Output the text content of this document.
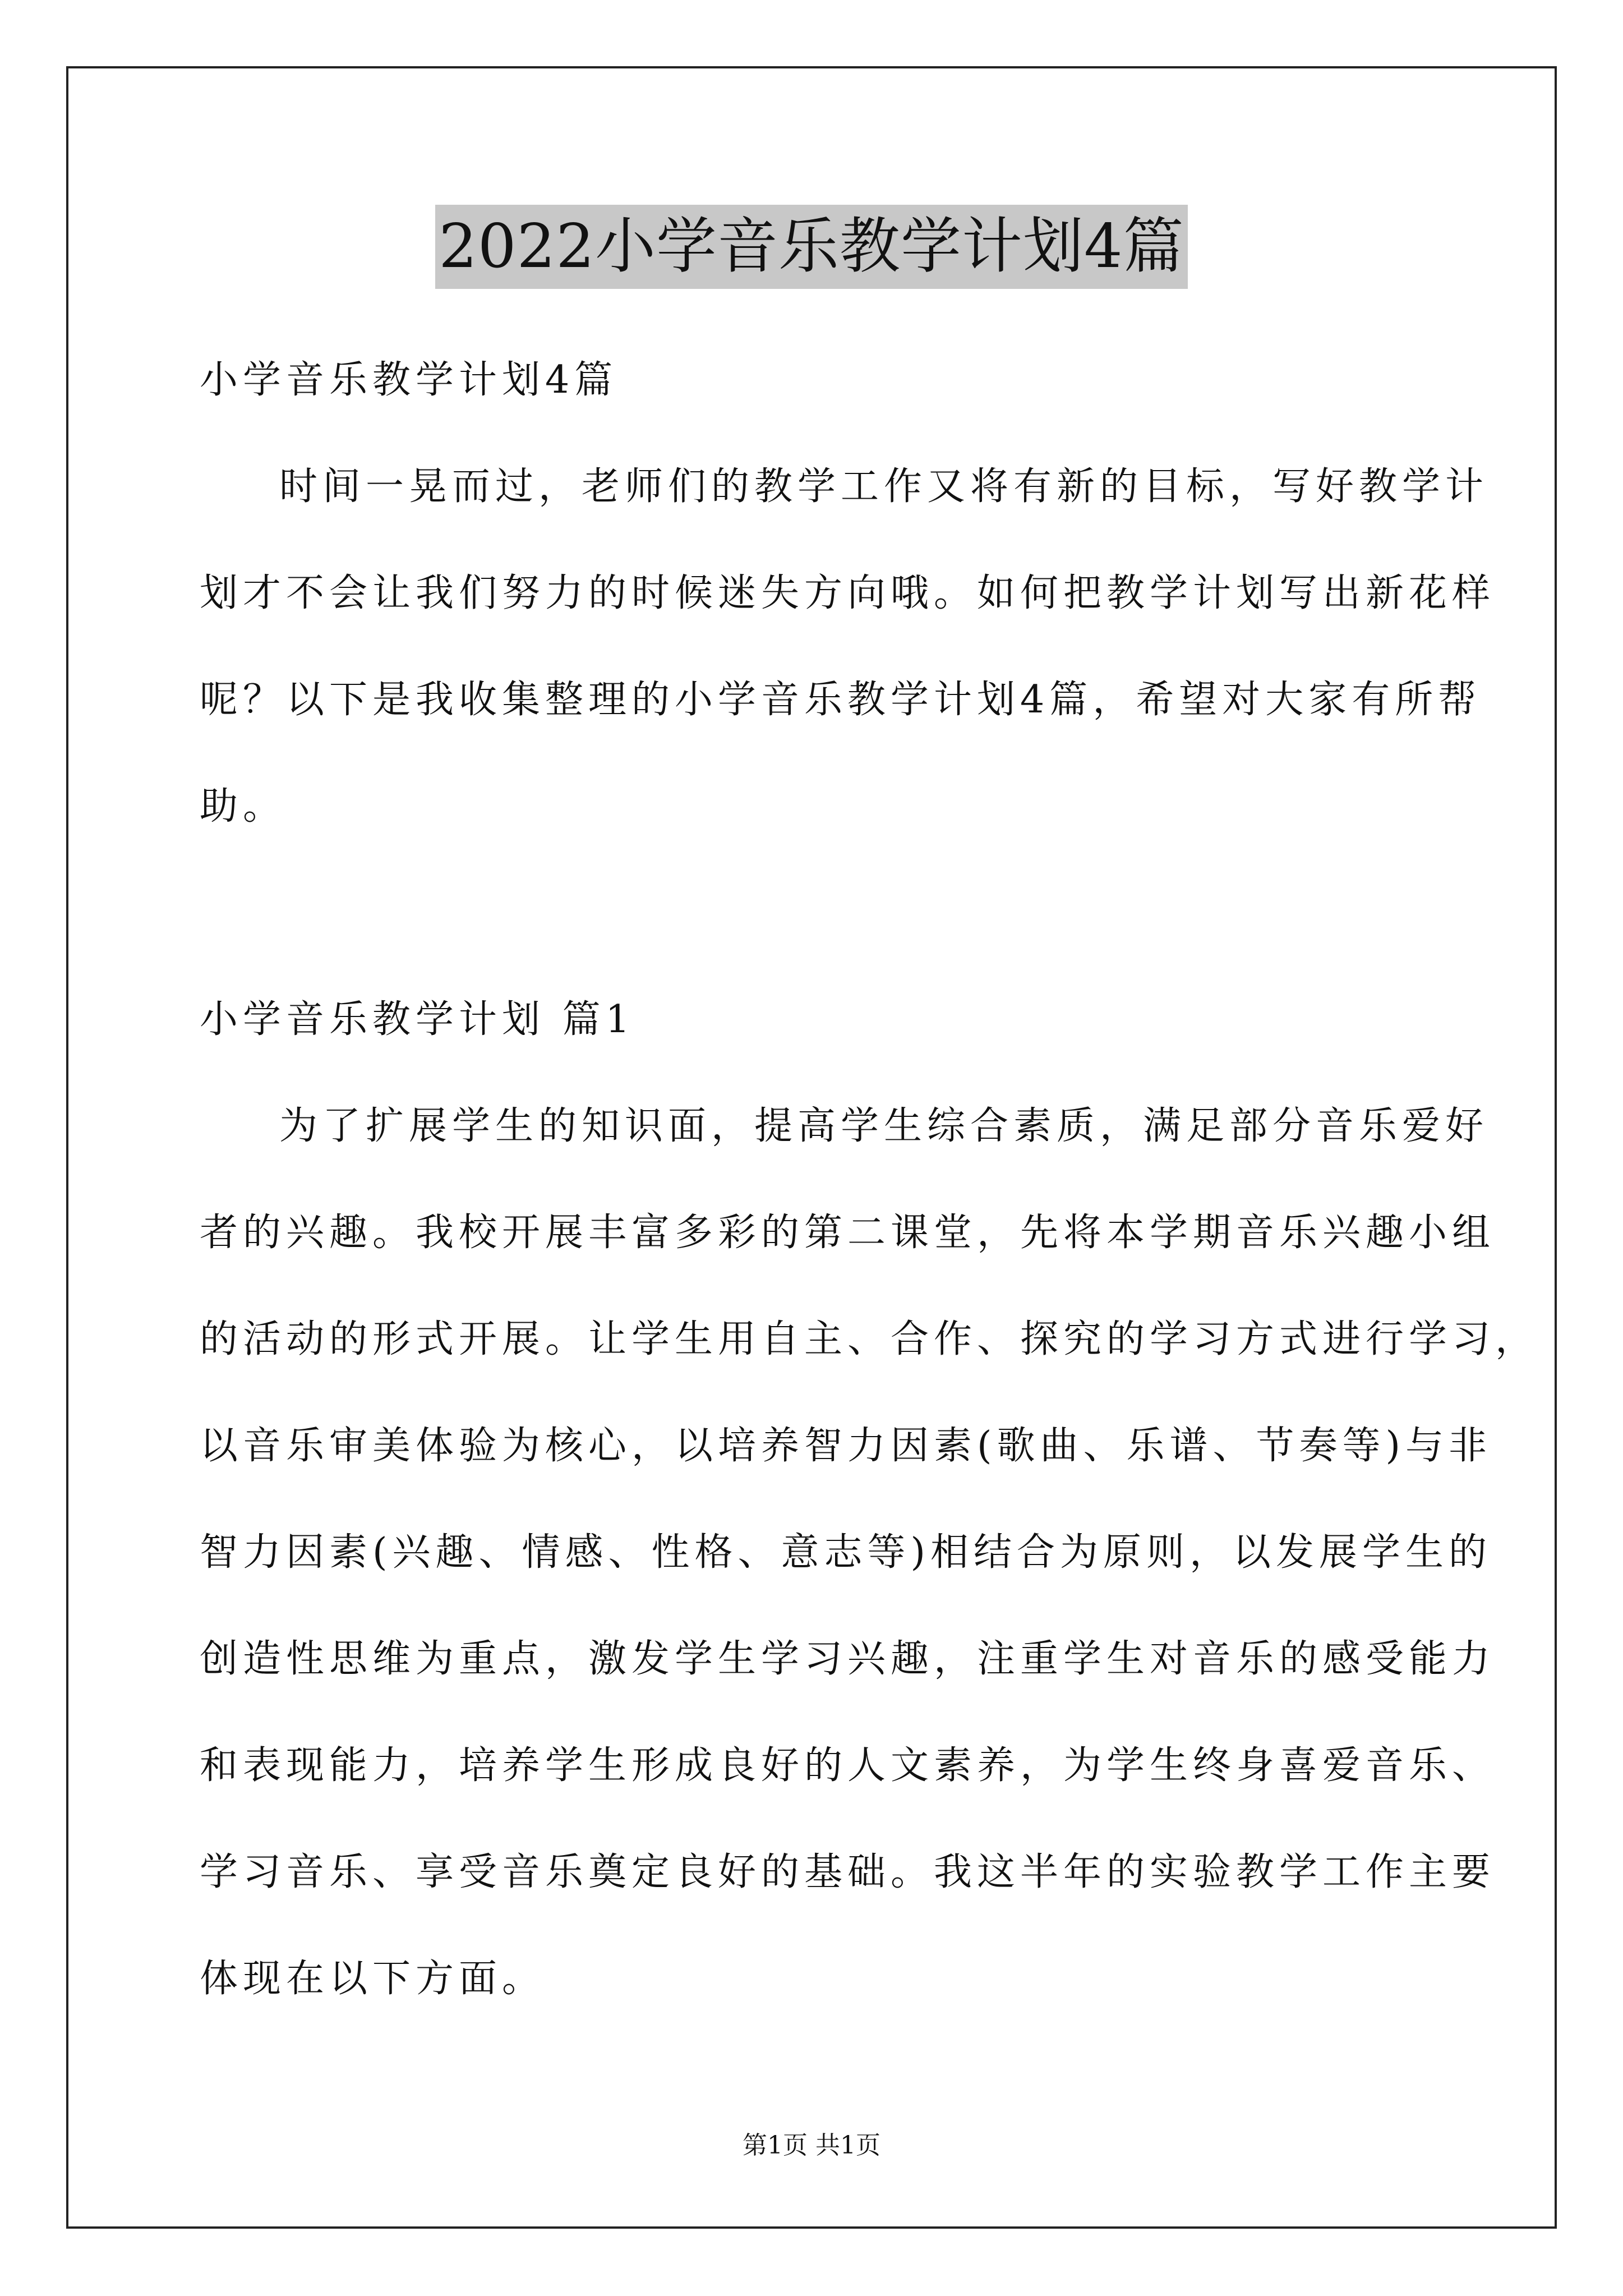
2022小学音乐教学计划4篇
小学音乐教学计划4篇
时间一晃而过，老师们的教学工作又将有新的目标，写好教学计
划才不会让我们努力的时候迷失方向哦。如何把教学计划写出新花样
呢？以下是我收集整理的小学音乐教学计划4篇，希望对大家有所帮
助。
小学音乐教学计划 篇1
为了扩展学生的知识面，提高学生综合素质，满足部分音乐爱好
者的兴趣。我校开展丰富多彩的第二课堂，先将本学期音乐兴趣小组
的活动的形式开展。让学生用自主、合作、探究的学习方式进行学习，
以音乐审美体验为核心，以培养智力因素(歌曲、乐谱、节奏等)与非
智力因素(兴趣、情感、性格、意志等)相结合为原则，以发展学生的
创造性思维为重点，激发学生学习兴趣，注重学生对音乐的感受能力
和表现能力，培养学生形成良好的人文素养，为学生终身喜爱音乐、
学习音乐、享受音乐奠定良好的基础。我这半年的实验教学工作主要
体现在以下方面。
第1页 共1页
